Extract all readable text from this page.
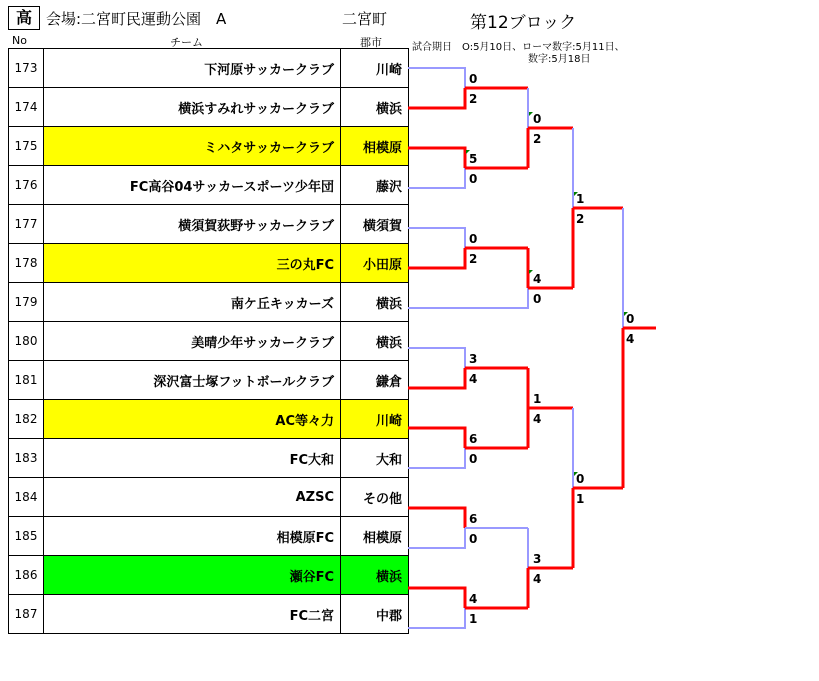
高 会場:二宮町民運動公園　A	二宮町	第12ブロック
No	チーム	郡市	試合期日　O:5月10日、ローマ数字:5月11日、
数字:5月18日
173	下河原サッカークラブ	川崎
174	横浜すみれサッカークラブ	横浜
175	ミハタサッカークラブ	相模原
176	FC高谷04サッカースポーツ少年団	藤沢
177	横須賀荻野サッカークラブ	横須賀
178	三の丸FC	小田原
179	南ケ丘キッカーズ	横浜
180	美晴少年サッカークラブ	横浜
181	深沢富士塚フットボールクラブ	鎌倉
182	AC等々力	川崎
183	FC大和	大和
184	AZSC	その他
185	相模原FC	相模原
186	瀬谷FC	横浜
187	FC二宮	中郡
0
2
5
0
0
2
0
2
4
0
3
4
6
0
1
4
6
0
4
1
0
1
3
4
1
2
0
4
